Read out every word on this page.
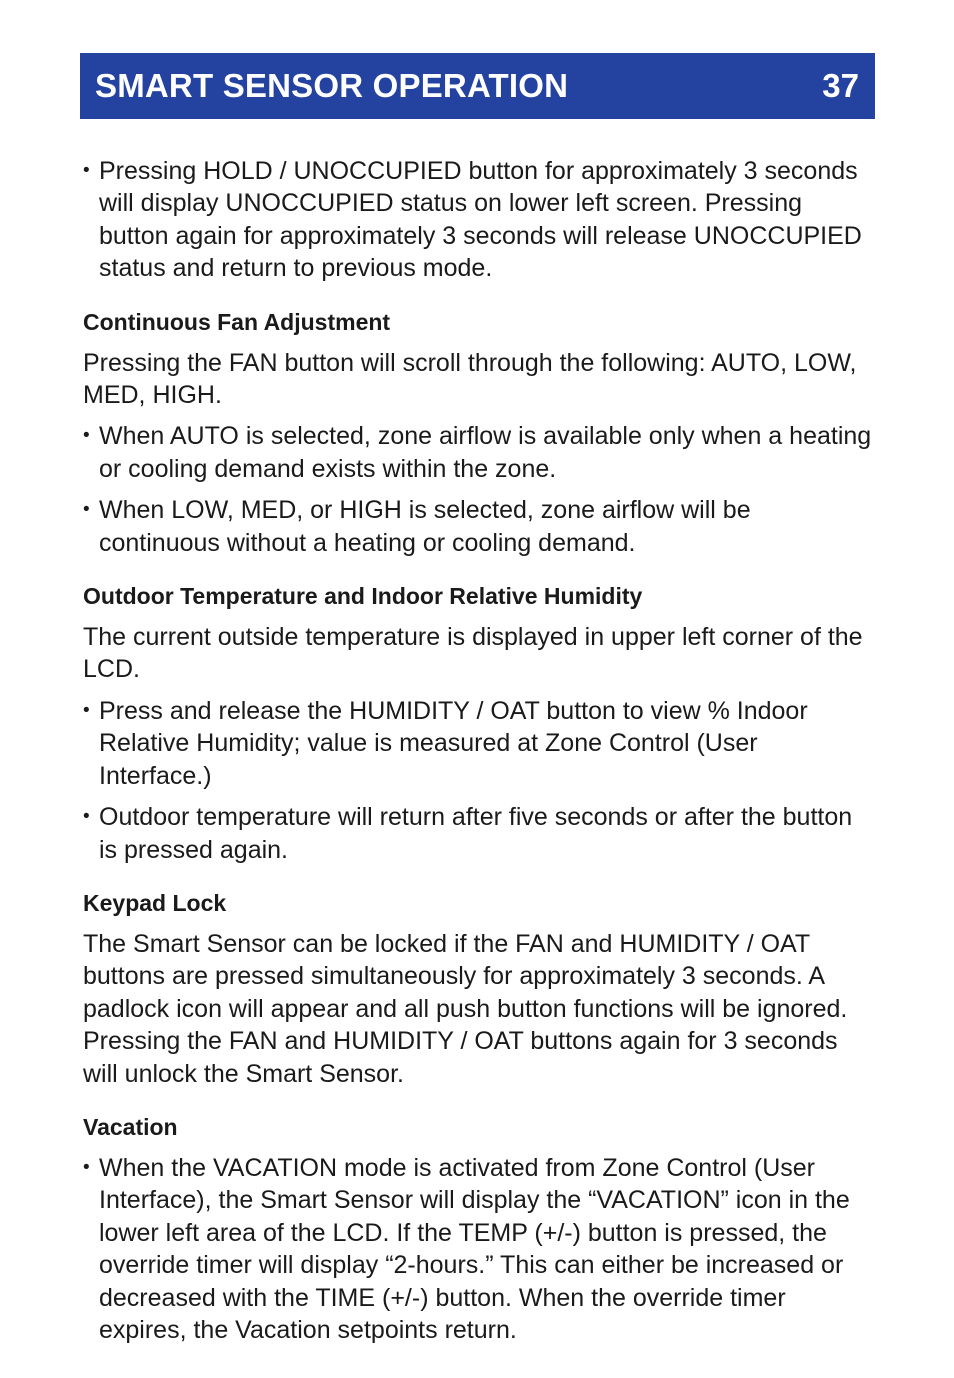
SMART SENSOR OPERATION	37

• Pressing HOLD / UNOCCUPIED button for approximately 3 seconds will display UNOCCUPIED status on lower left screen. Pressing button again for approximately 3 seconds will release UNOCCUPIED status and return to previous mode.

Continuous Fan Adjustment

Pressing the FAN button will scroll through the following: AUTO, LOW, MED, HIGH.

• When AUTO is selected, zone airflow is available only when a heating or cooling demand exists within the zone.

• When LOW, MED, or HIGH is selected, zone airflow will be continuous without a heating or cooling demand.

Outdoor Temperature and Indoor Relative Humidity

The current outside temperature is displayed in upper left corner of the LCD.

• Press and release the HUMIDITY / OAT button to view % Indoor Relative Humidity; value is measured at Zone Control (User Interface.)

• Outdoor temperature will return after five seconds or after the button is pressed again.

Keypad Lock

The Smart Sensor can be locked if the FAN and HUMIDITY / OAT buttons are pressed simultaneously for approximately 3 seconds. A padlock icon will appear and all push button functions will be ignored. Pressing the FAN and HUMIDITY / OAT buttons again for 3 seconds will unlock the Smart Sensor.

Vacation

• When the VACATION mode is activated from Zone Control (User Interface), the Smart Sensor will display the “VACATION” icon in the lower left area of the LCD. If the TEMP (+/-) button is pressed, the override timer will display “2-hours.” This can either be increased or decreased with the TIME (+/-) button. When the override timer expires, the Vacation setpoints return.
